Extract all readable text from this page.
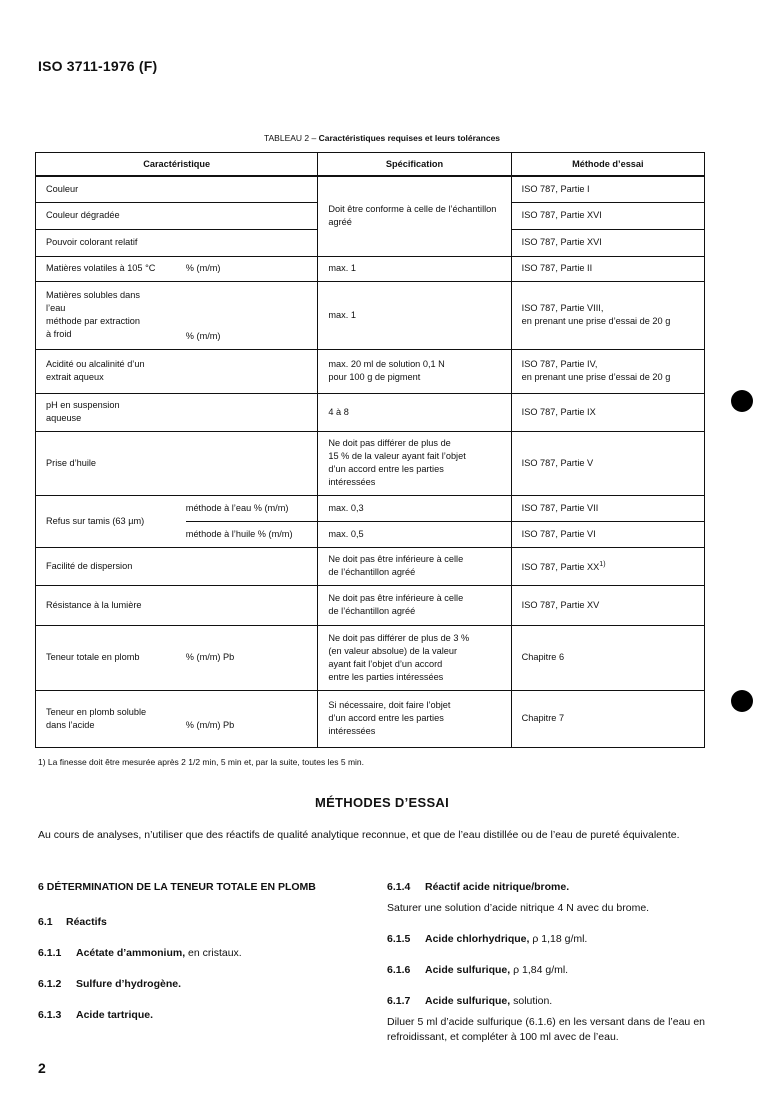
ISO 3711-1976 (F)
TABLEAU 2 – Caractéristiques requises et leurs tolérances
Caractéristique		Spécification	Méthode d’essai
Couleur		Doit être conforme à celle de l’échantillon agréé	ISO 787, Partie I
Couleur dégradée			ISO 787, Partie XVI
Pouvoir colorant relatif			ISO 787, Partie XVI
Matières volatiles à 105 °C	% (m/m)	max. 1	ISO 787, Partie II

Matières solubles dans
l’eau
méthode par extraction
à froid	% (m/m)	max. 1	ISO 787, Partie VIII,
en prenant une prise d’essai de 20 g

Acidité ou alcalinité d’un
extrait aqueux		max. 20 ml de solution 0,1 N
pour 100 g de pigment	ISO 787, Partie IV,
en prenant une prise d’essai de 20 g

pH en suspension
aqueuse		4 à 8	ISO 787, Partie IX
Prise d’huile		Ne doit pas différer de plus de
15 % de la valeur ayant fait l’objet
d’un accord entre les parties
intéressées	ISO 787, Partie V
Refus sur tamis (63 µm)	méthode à l’eau % (m/m)	max. 0,3	ISO 787, Partie VII
	méthode à l’huile % (m/m)	max. 0,5	ISO 787, Partie VI
Facilité de dispersion		Ne doit pas être inférieure à celle
de l’échantillon agréé	ISO 787, Partie XX$^{1)}$
Résistance à la lumière		Ne doit pas être inférieure à celle
de l’échantillon agréé	ISO 787, Partie XV
Teneur totale en plomb	% (m/m) Pb	Ne doit pas différer de plus de 3 %
(en valeur absolue) de la valeur
ayant fait l’objet d’un accord
entre les parties intéressées	Chapitre 6

Teneur en plomb soluble
dans l’acide	% (m/m) Pb	Si nécessaire, doit faire l’objet
d’un accord entre les parties
intéressées	Chapitre 7
1) La finesse doit être mesurée après 2 1/2 min, 5 min et, par la suite, toutes les 5 min.
MÉTHODES D’ESSAI
Au cours de analyses, n’utiliser que des réactifs de qualité analytique reconnue, et que de l’eau distillée ou de l’eau de pureté équivalente.
6 DÉTERMINATION DE LA TENEUR TOTALE EN PLOMB
6.1 Réactifs
6.1.1 Acétate d’ammonium, en cristaux.
6.1.2 Sulfure d’hydrogène.
6.1.3 Acide tartrique.
6.1.4 Réactif acide nitrique/brome.
Saturer une solution d’acide nitrique 4 N avec du brome.
6.1.5 Acide chlorhydrique, ρ 1,18 g/ml.
6.1.6 Acide sulfurique, ρ 1,84 g/ml.
6.1.7 Acide sulfurique, solution.
Diluer 5 ml d’acide sulfurique (6.1.6) en les versant dans de l’eau en refroidissant, et compléter à 100 ml avec de l’eau.
2
